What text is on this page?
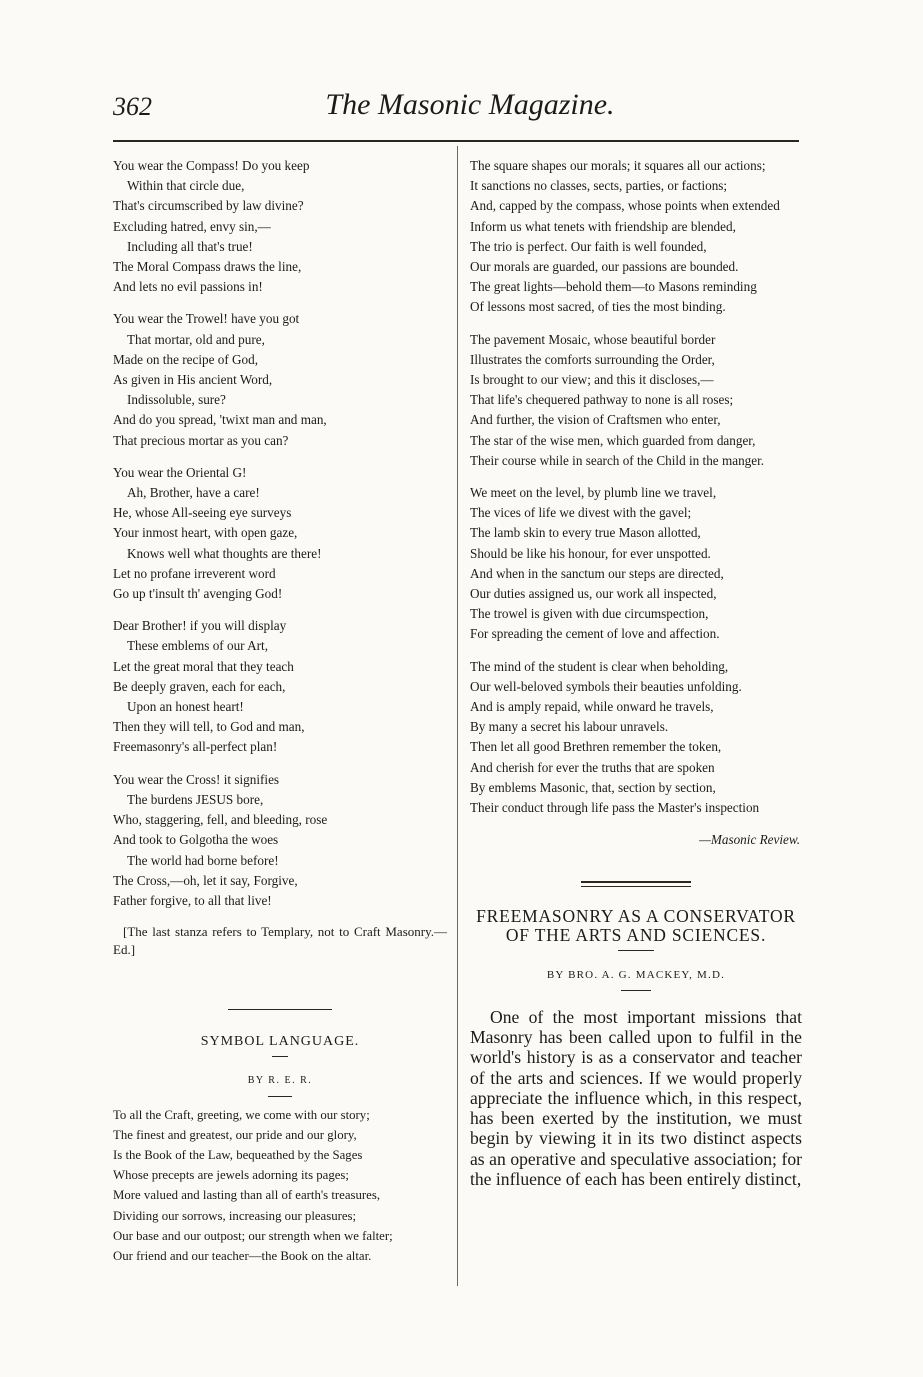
362	The Masonic Magazine.
You wear the Compass! Do you keep
Within that circle due,
That's circumscribed by law divine?
Excluding hatred, envy sin,—
Including all that's true!
The Moral Compass draws the line,
And lets no evil passions in!
You wear the Trowel! have you got
That mortar, old and pure,
Made on the recipe of God,
As given in His ancient Word,
Indissoluble, sure?
And do you spread, 'twixt man and man,
That precious mortar as you can?
You wear the Oriental G!
Ah, Brother, have a care!
He, whose All-seeing eye surveys
Your inmost heart, with open gaze,
Knows well what thoughts are there!
Let no profane irreverent word
Go up t'insult th' avenging God!
Dear Brother! if you will display
These emblems of our Art,
Let the great moral that they teach
Be deeply graven, each for each,
Upon an honest heart!
Then they will tell, to God and man,
Freemasonry's all-perfect plan!
You wear the Cross! it signifies
The burdens JESUS bore,
Who, staggering, fell, and bleeding, rose
And took to Golgotha the woes
The world had borne before!
The Cross,—oh, let it say, Forgive,
Father forgive, to all that live!
[The last stanza refers to Templary, not to Craft Masonry.—Ed.]
SYMBOL LANGUAGE.
BY R. E. R.
To all the Craft, greeting, we come with our story;
The finest and greatest, our pride and our glory,
Is the Book of the Law, bequeathed by the Sages
Whose precepts are jewels adorning its pages;
More valued and lasting than all of earth's treasures,
Dividing our sorrows, increasing our pleasures;
Our base and our outpost; our strength when we falter;
Our friend and our teacher—the Book on the altar.
The square shapes our morals; it squares all our actions;
It sanctions no classes, sects, parties, or factions;
And, capped by the compass, whose points when extended
Inform us what tenets with friendship are blended,
The trio is perfect. Our faith is well founded,
Our morals are guarded, our passions are bounded.
The great lights—behold them—to Masons reminding
Of lessons most sacred, of ties the most binding.
The pavement Mosaic, whose beautiful border
Illustrates the comforts surrounding the Order,
Is brought to our view; and this it discloses,—
That life's chequered pathway to none is all roses;
And further, the vision of Craftsmen who enter,
The star of the wise men, which guarded from danger,
Their course while in search of the Child in the manger.
We meet on the level, by plumb line we travel,
The vices of life we divest with the gavel;
The lamb skin to every true Mason allotted,
Should be like his honour, for ever unspotted.
And when in the sanctum our steps are directed,
Our duties assigned us, our work all inspected,
The trowel is given with due circumspection,
For spreading the cement of love and affection.
The mind of the student is clear when beholding,
Our well-beloved symbols their beauties unfolding.
And is amply repaid, while onward he travels,
By many a secret his labour unravels.
Then let all good Brethren remember the token,
And cherish for ever the truths that are spoken
By emblems Masonic, that, section by section,
Their conduct through life pass the Master's inspection
—Masonic Review.
FREEMASONRY AS A CONSERVATOR OF THE ARTS AND SCIENCES.
BY BRO. A. G. MACKEY, M.D.
One of the most important missions that Masonry has been called upon to fulfil in the world's history is as a conservator and teacher of the arts and sciences. If we would properly appreciate the influence which, in this respect, has been exerted by the institution, we must begin by viewing it in its two distinct aspects as an operative and speculative association; for the influence of each has been entirely distinct,
